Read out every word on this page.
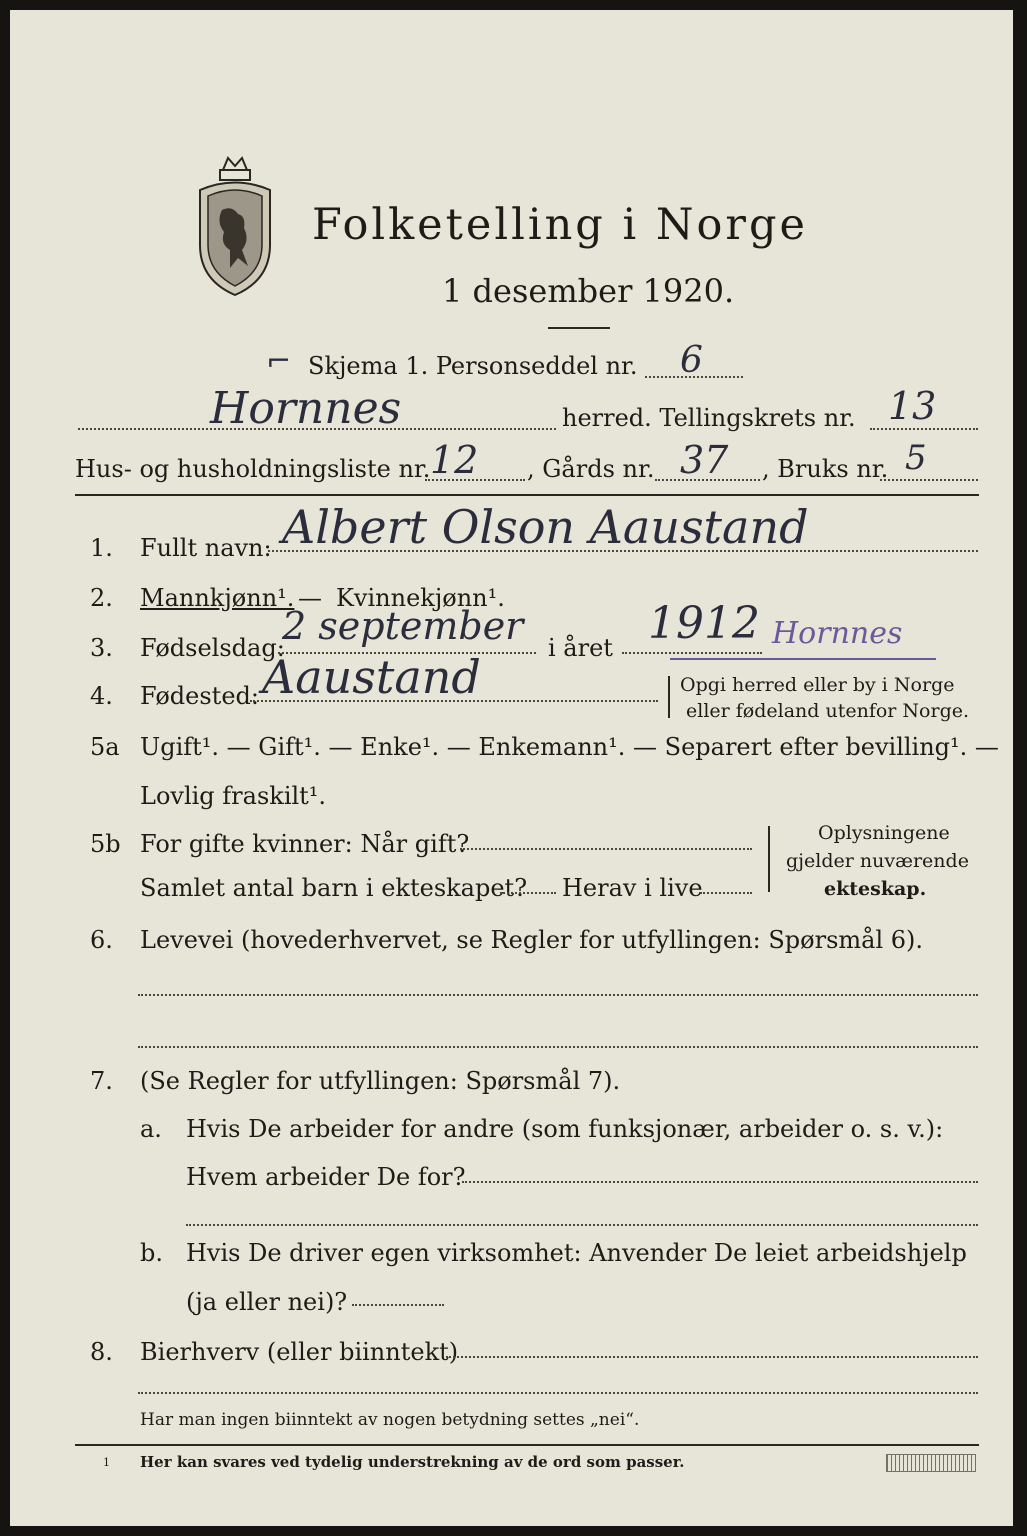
Folketelling i Norge
1 desember 1920.
Skjema 1. Personseddel nr. 6
⌐
Hornnes	herred. Tellingskrets nr. 13
Hus- og husholdningsliste nr. 12 , Gårds nr. 37 , Bruks nr. 5
1. Fullt navn: Albert Olson Aaustand
2. Mannkjønn¹. — Kvinnekjønn¹.
3. Fødselsdag:
2 september i året 1912 Hornnes
4. Fødested: Aaustand	Opgi herred eller by i Norge
eller fødeland utenfor Norge.
5a Ugift¹. — Gift¹. — Enke¹. — Enkemann¹. — Separert efter bevilling¹. —
Lovlig fraskilt¹.
5b For gifte kvinner: Når gift?
Samlet antal barn i ekteskapet? Herav i live
Oplysningene
gjelder nuværende
ekteskap.
6. Levevei (hovederhvervet, se Regler for utfyllingen: Spørsmål 6).
7. (Se Regler for utfyllingen: Spørsmål 7).
a. Hvis De arbeider for andre (som funksjonær, arbeider o. s. v.):
Hvem arbeider De for?
b. Hvis De driver egen virksomhet: Anvender De leiet arbeidshjelp
(ja eller nei)?
8. Bierhverv (eller biinntekt)
Har man ingen biinntekt av nogen betydning settes „nei“.
1 Her kan svares ved tydelig understrekning av de ord som passer.
